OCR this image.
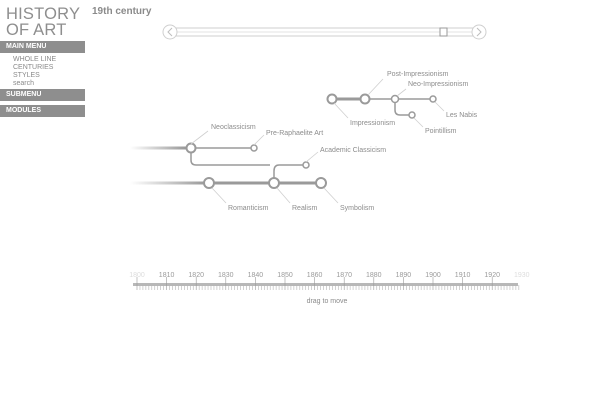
HISTORY
OF ART
MAIN MENU
WHOLE LINE
CENTURIES
STYLES
search
SUBMENU
MODULES
19th century
Neoclassicism
Pre-Raphaelite Art
Academic Classicism
Romanticism	Realism	Symbolism
Post-Impressionism
Neo-Impressionism
Impressionism
Les Nabis
Pointillism
1800 1810 1820 1830 1840 1850 1860 1870 1880 1890 1900 1910 1920 1930
drag to move
